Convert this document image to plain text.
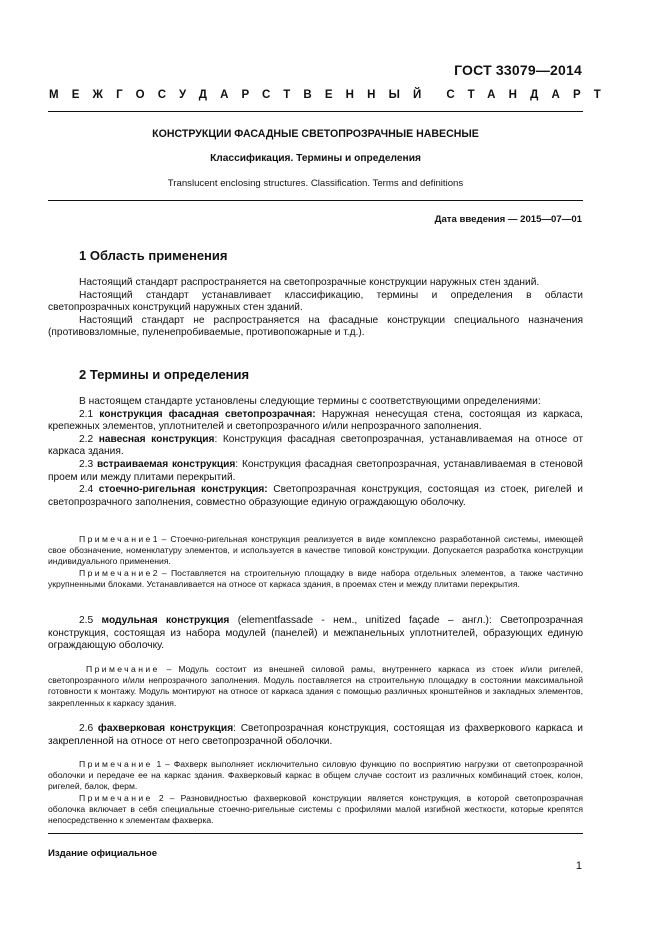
ГОСТ 33079—2014
МЕЖГОСУДАРСТВЕННЫЙ СТАНДАРТ
КОНСТРУКЦИИ ФАСАДНЫЕ СВЕТОПРОЗРАЧНЫЕ НАВЕСНЫЕ
Классификация. Термины и определения
Translucent enclosing structures. Classification. Terms and definitions
Дата введения — 2015—07—01
1 Область применения

Настоящий стандарт распространяется на светопрозрачные конструкции наружных стен зданий.

Настоящий стандарт устанавливает классификацию, термины и определения в области светопрозрачных конструкций наружных стен зданий.

Настоящий стандарт не распространяется на фасадные конструкции специального назначения (противовзломные, пуленепробиваемые, противопожарные и т.д.).

2 Термины и определения

В настоящем стандарте установлены следующие термины с соответствующими определениями:

2.1 конструкция фасадная светопрозрачная: Наружная ненесущая стена, состоящая из каркаса, крепежных элементов, уплотнителей и светопрозрачного и/или непрозрачного заполнения.

2.2 навесная конструкция: Конструкция фасадная светопрозрачная, устанавливаемая на относе от каркаса здания.

2.3 встраиваемая конструкция: Конструкция фасадная светопрозрачная, устанавливаемая в стеновой проем или между плитами перекрытий.

2.4 стоечно-ригельная конструкция: Светопрозрачная конструкция, состоящая из стоек, ригелей и светопрозрачного заполнения, совместно образующие единую ограждающую оболочку.

Примечание1 – Стоечно-ригельная конструкция реализуется в виде комплексно разработанной системы, имеющей свое обозначение, номенклатуру элементов, и используется в качестве типовой конструкции. Допускается разработка конструкции индивидуального применения.

Примечание2 – Поставляется на строительную площадку в виде набора отдельных элементов, а также частично укрупненными блоками. Устанавливается на относе от каркаса здания, в проемах стен и между плитами перекрытия.

2.5 модульная конструкция (elementfassade - нем., unitized façade – англ.): Светопрозрачная конструкция, состоящая из набора модулей (панелей) и межпанельных уплотнителей, образующих единую ограждающую оболочку.

Примечание – Модуль состоит из внешней силовой рамы, внутреннего каркаса из стоек и/или ригелей, светопрозрачного и/или непрозрачного заполнения. Модуль поставляется на строительную площадку в состоянии максимальной готовности к монтажу. Модуль монтируют на относе от каркаса здания с помощью различных кронштейнов и закладных элементов, закрепленных к каркасу здания.

2.6 фахверковая конструкция: Светопрозрачная конструкция, состоящая из фахверкового каркаса и закрепленной на относе от него светопрозрачной оболочки.

Примечание 1 – Фахверк выполняет исключительно силовую функцию по восприятию нагрузки от светопрозрачной оболочки и передаче ее на каркас здания. Фахверковый каркас в общем случае состоит из различных комбинаций стоек, колон, ригелей, балок, ферм.

Примечание 2 – Разновидностью фахверковой конструкции является конструкция, в которой светопрозрачная оболочка включает в себя специальные стоечно-ригельные системы с профилями малой изгибной жесткости, которые крепятся непосредственно к элементам фахверка.

Издание официальное
1
